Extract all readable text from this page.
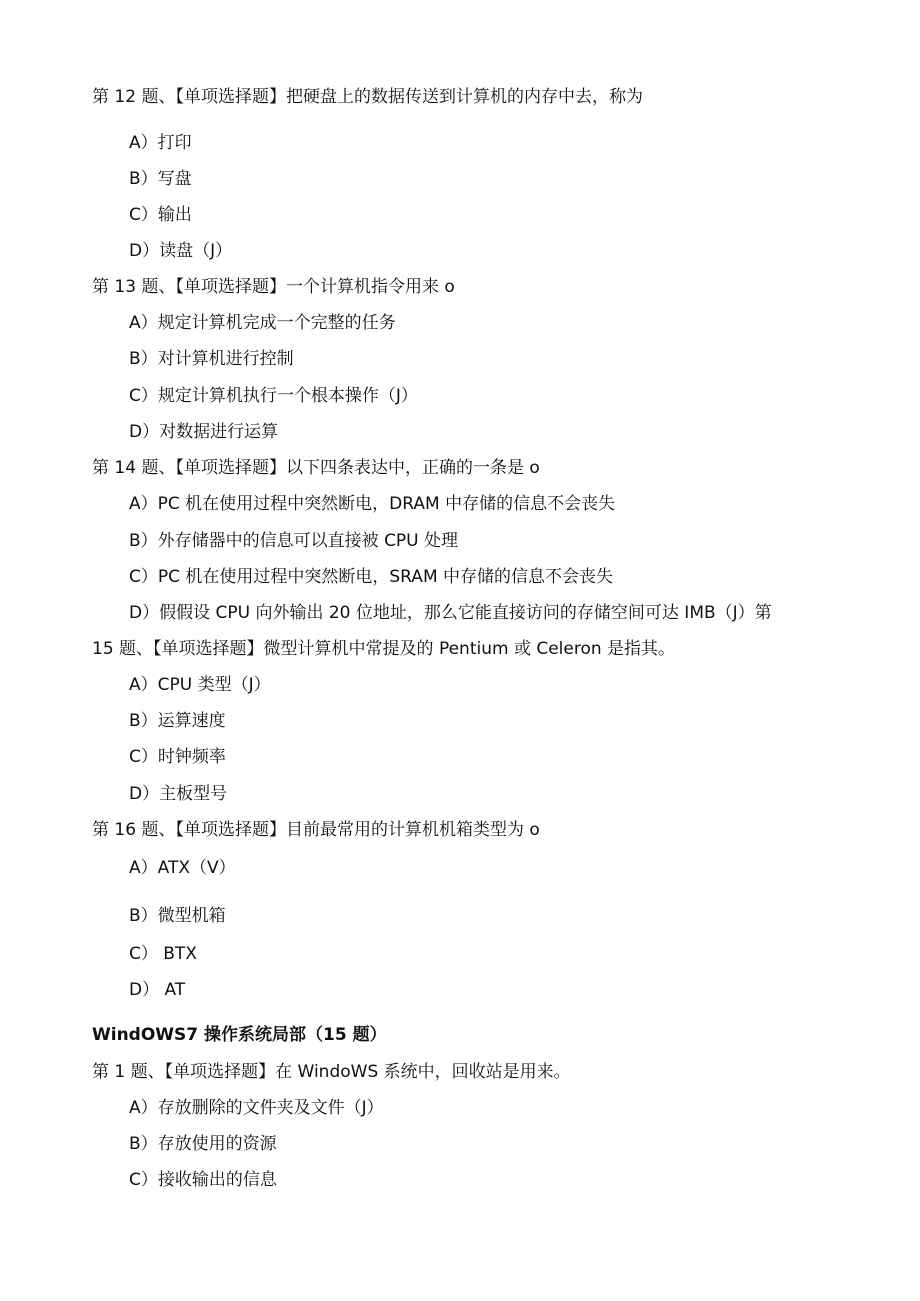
第 12 题、【单项选择题】把硬盘上的数据传送到计算机的内存中去，称为
A）打印
B）写盘
C）输出
D）读盘（J）
第 13 题、【单项选择题】一个计算机指令用来 o
A）规定计算机完成一个完整的任务
B）对计算机进行控制
C）规定计算机执行一个根本操作（J）
D）对数据进行运算
第 14 题、【单项选择题】以下四条表达中，正确的一条是 o
A）PC 机在使用过程中突然断电，DRAM 中存储的信息不会丧失
B）外存储器中的信息可以直接被 CPU 处理
C）PC 机在使用过程中突然断电，SRAM 中存储的信息不会丧失
D）假假设 CPU 向外输出 20 位地址，那么它能直接访问的存储空间可达 IMB（J）第
15 题、【单项选择题】微型计算机中常提及的 Pentium 或 Celeron 是指其。
A）CPU 类型（J）
B）运算速度
C）时钟频率
D）主板型号
第 16 题、【单项选择题】目前最常用的计算机机箱类型为 o
A）ATX（V）
B）微型机箱
C） BTX
D） AT
WindOWS7 操作系统局部（15 题）
第 1 题、【单项选择题】在 WindoWS 系统中，回收站是用来。
A）存放删除的文件夹及文件（J）
B）存放使用的资源
C）接收输出的信息
